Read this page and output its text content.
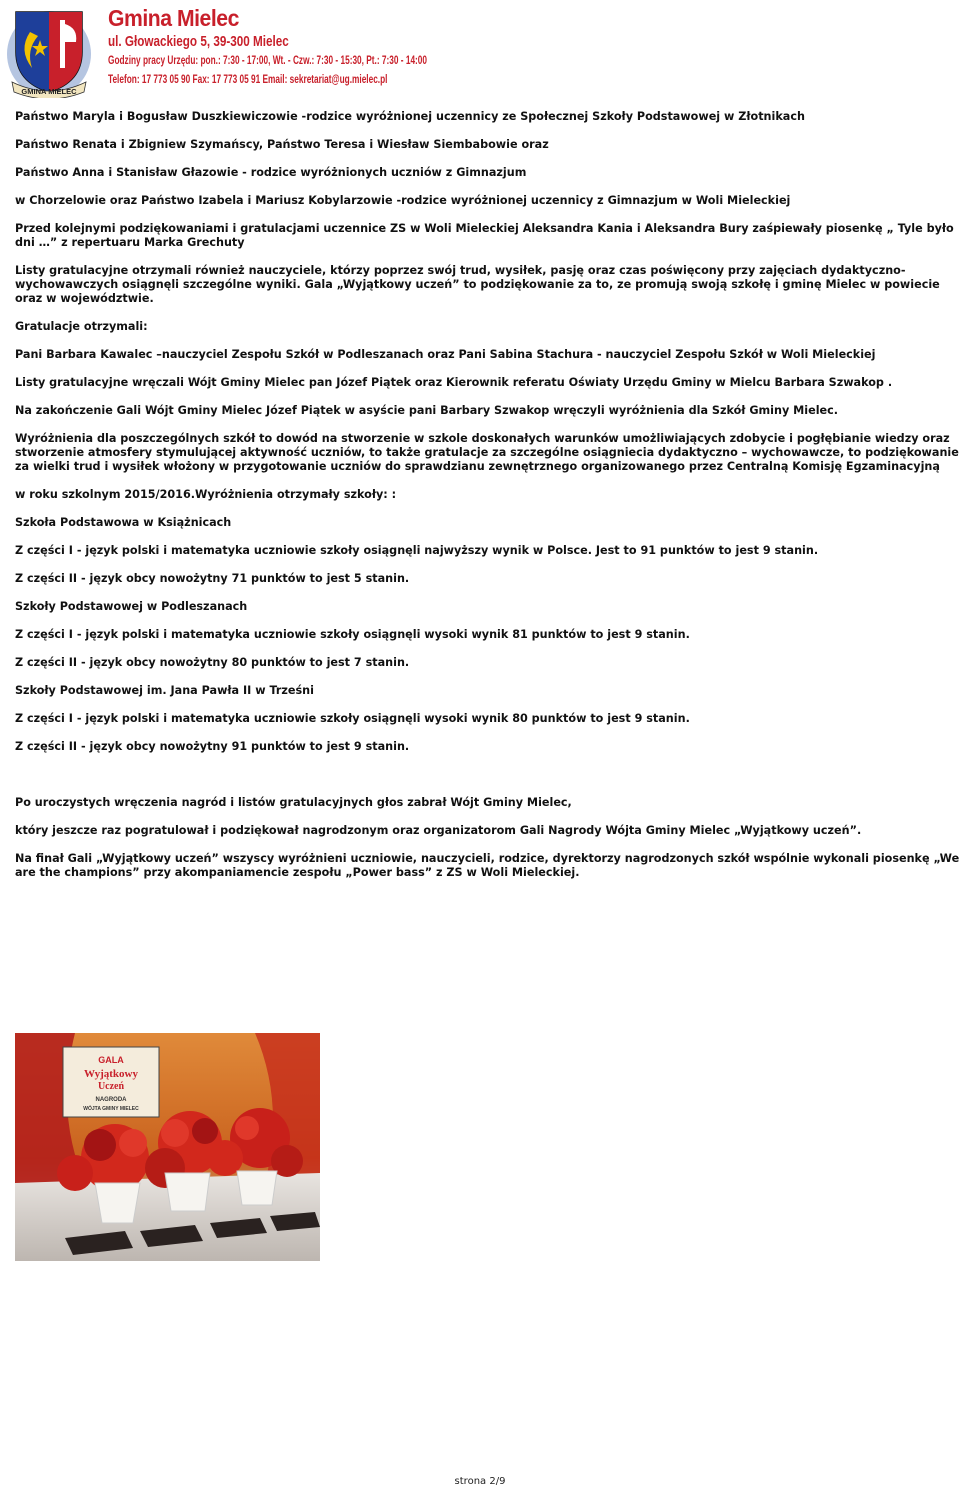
GMINA MIELEC
Gmina Mielec
ul. Głowackiego 5, 39-300 Mielec
Godziny pracy Urzędu: pon.: 7:30 - 17:00, Wt. - Czw.: 7:30 - 15:30, Pt.: 7:30 - 14:00
Telefon: 17 773 05 90 Fax: 17 773 05 91 Email: sekretariat@ug.mielec.pl

Państwo Maryla i Bogusław Duszkiewiczowie -rodzice wyróżnionej uczennicy ze Społecznej Szkoły Podstawowej w Złotnikach

Państwo Renata i Zbigniew Szymańscy, Państwo Teresa i Wiesław Siembabowie oraz

Państwo Anna i Stanisław Głazowie - rodzice wyróżnionych uczniów z Gimnazjum

w Chorzelowie oraz Państwo Izabela i Mariusz Kobylarzowie -rodzice wyróżnionej uczennicy z Gimnazjum w Woli Mieleckiej

Przed kolejnymi podziękowaniami i gratulacjami uczennice ZS w Woli Mieleckiej Aleksandra Kania i Aleksandra Bury zaśpiewały piosenkę „ Tyle było dni …” z repertuaru Marka Grechuty

Listy gratulacyjne otrzymali również nauczyciele, którzy poprzez swój trud, wysiłek, pasję oraz czas poświęcony przy zajęciach dydaktyczno-wychowawczych osiągnęli szczególne wyniki. Gala „Wyjątkowy uczeń” to podziękowanie za to, ze promują swoją szkołę i gminę Mielec w powiecie oraz w województwie.

Gratulacje otrzymali:

Pani Barbara Kawalec –nauczyciel Zespołu Szkół w Podleszanach oraz Pani Sabina Stachura - nauczyciel Zespołu Szkół w Woli Mieleckiej

Listy gratulacyjne wręczali Wójt Gminy Mielec pan Józef Piątek oraz Kierownik referatu Oświaty Urzędu Gminy w Mielcu Barbara Szwakop .

Na zakończenie Gali Wójt Gminy Mielec Józef Piątek w asyście pani Barbary Szwakop wręczyli wyróżnienia dla Szkół Gminy Mielec.

Wyróżnienia dla poszczególnych szkół to dowód na stworzenie w szkole doskonałych warunków umożliwiających zdobycie i pogłębianie wiedzy oraz stworzenie atmosfery stymulującej aktywność uczniów, to także gratulacje za szczególne osiągniecia dydaktyczno – wychowawcze, to podziękowanie za wielki trud i wysiłek włożony w przygotowanie uczniów do sprawdzianu zewnętrznego organizowanego przez Centralną Komisję Egzaminacyjną

w roku szkolnym 2015/2016.Wyróżnienia otrzymały szkoły: :

Szkoła Podstawowa w Książnicach

Z części I - język polski i matematyka uczniowie szkoły osiągnęli najwyższy wynik w Polsce. Jest to 91 punktów to jest 9 stanin.

Z części II - język obcy nowożytny 71 punktów to jest 5 stanin.

Szkoły Podstawowej w Podleszanach

Z części I - język polski i matematyka uczniowie szkoły osiągnęli wysoki wynik 81 punktów to jest 9 stanin.

Z części II - język obcy nowożytny 80 punktów to jest 7 stanin.

Szkoły Podstawowej im. Jana Pawła II w Trześni

Z części I - język polski i matematyka uczniowie szkoły osiągnęli wysoki wynik 80 punktów to jest 9 stanin.

Z części II - język obcy nowożytny 91 punktów to jest 9 stanin.

Po uroczystych wręczenia nagród i listów gratulacyjnych głos zabrał Wójt Gminy Mielec,

który jeszcze raz pogratulował i podziękował nagrodzonym oraz organizatorom Gali Nagrody Wójta Gminy Mielec „Wyjątkowy uczeń”.

Na finał Gali „Wyjątkowy uczeń” wszyscy wyróżnieni uczniowie, nauczycieli, rodzice, dyrektorzy nagrodzonych szkół wspólnie wykonali piosenkę „We are the champions” przy akompaniamencie zespołu „Power bass” z ZS w Woli Mieleckiej.

GALA
Wyjątkowy
Uczeń
NAGRODA
WÓJTA GMINY MIELEC
strona 2/9
